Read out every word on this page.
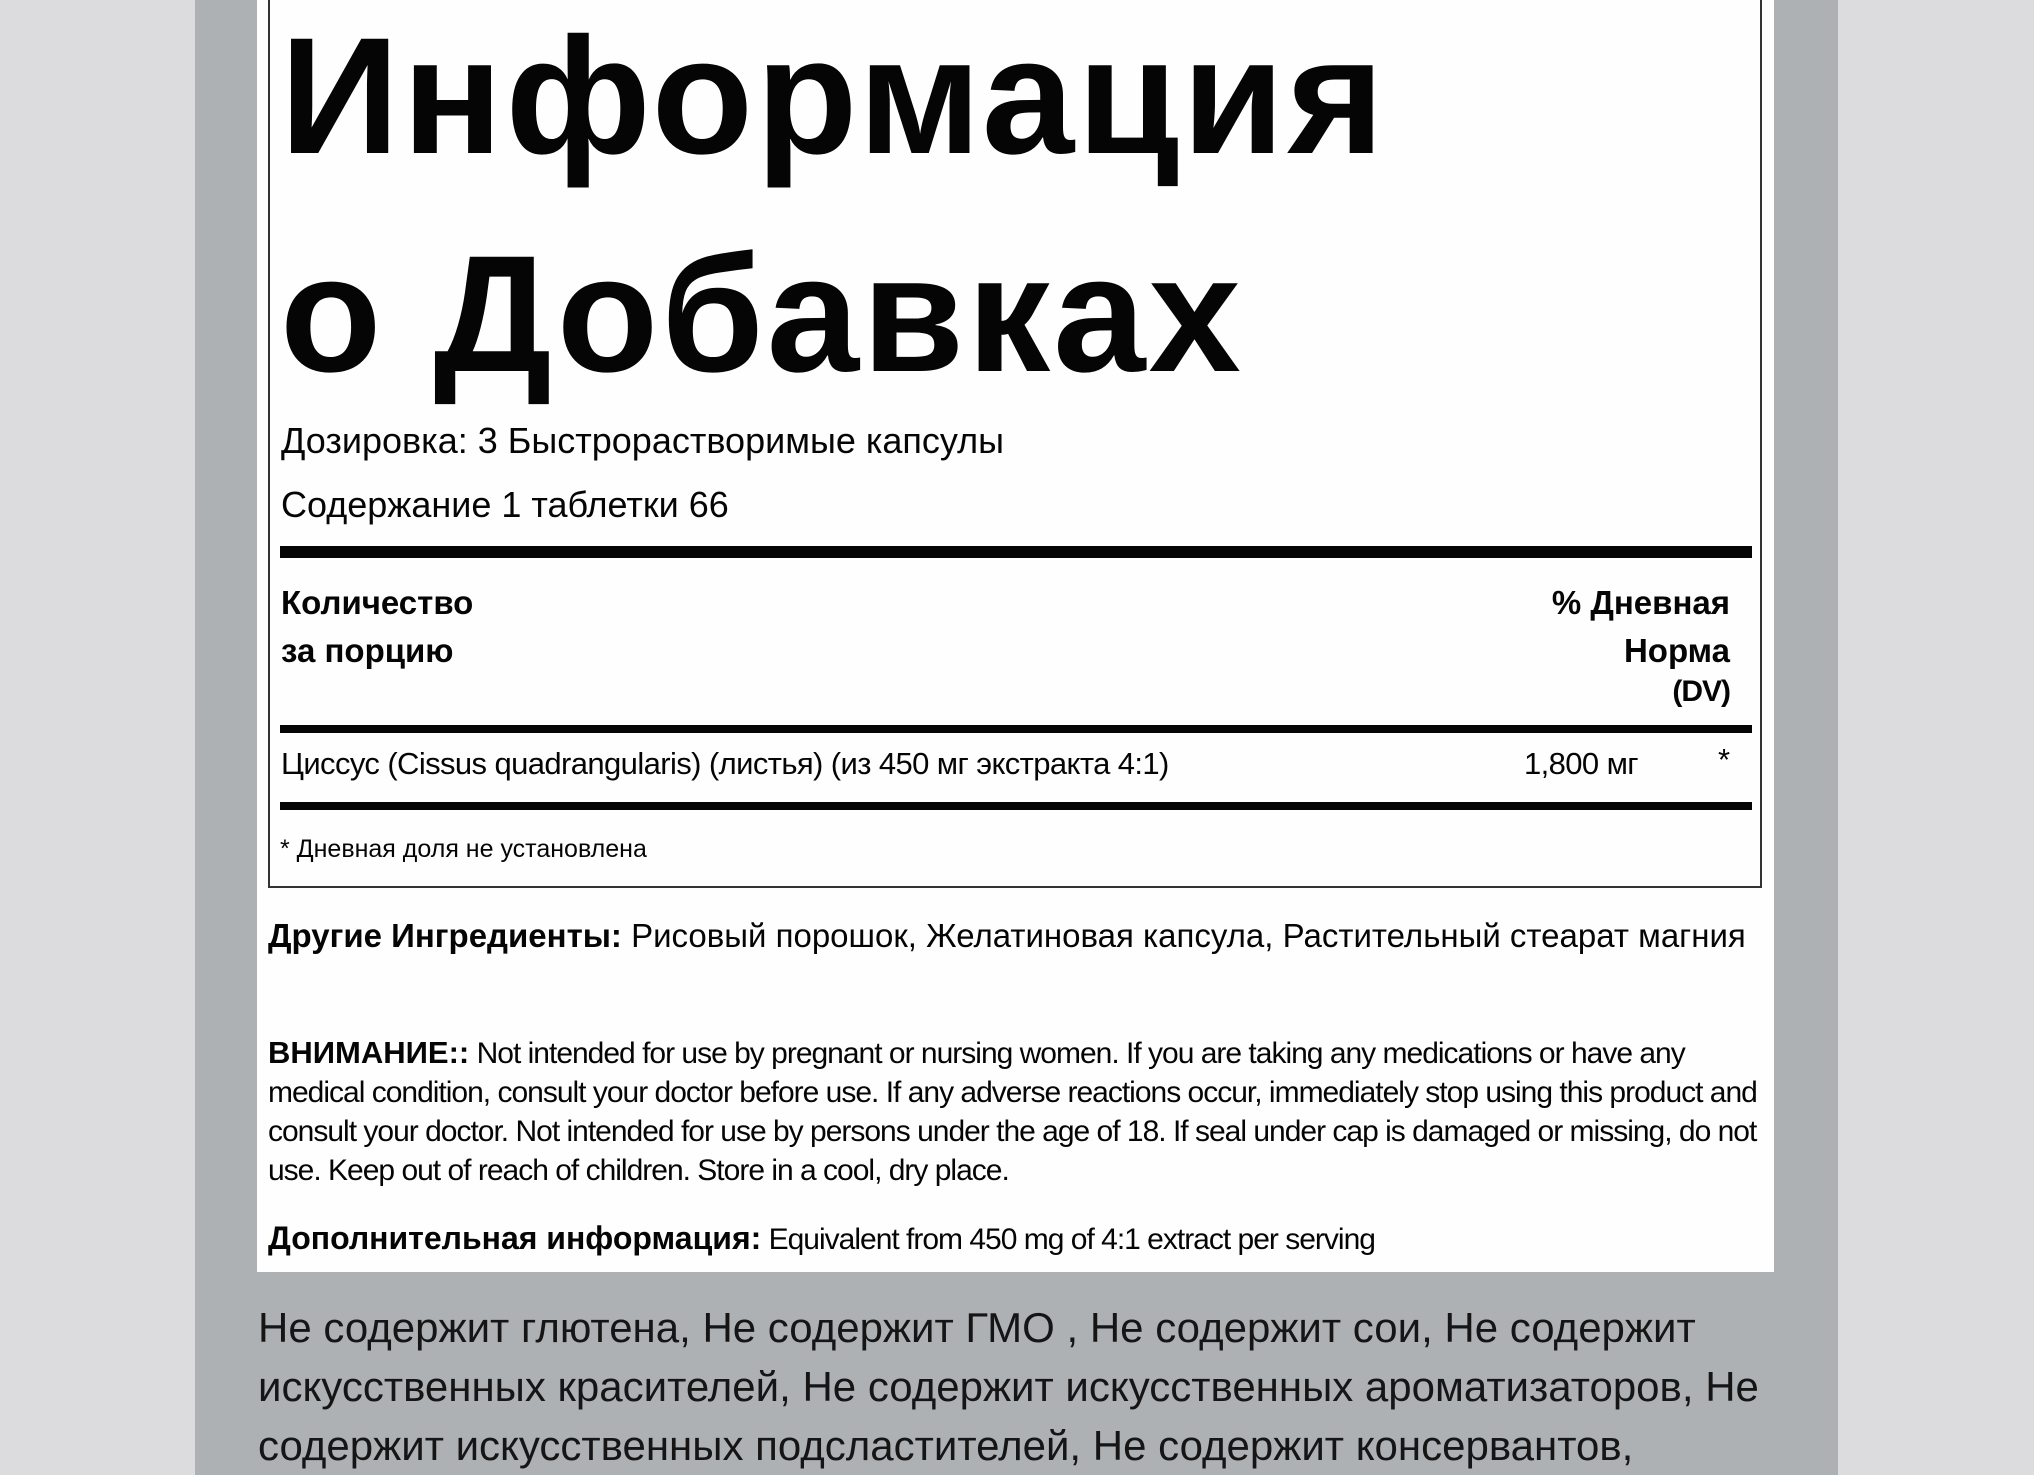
Информация о Добавках
Дозировка: 3 Быстрорастворимые капсулы
Содержание 1 таблетки 66
Количество за порцию
% Дневная
Норма
(DV)
Циссус (Cissus quadrangularis) (листья) (из 450 мг экстракта 4:1)	1,800 мг	*
* Дневная доля не установлена
Другие Ингредиенты: Рисовый порошок, Желатиновая капсула, Растительный стеарат магния
ВНИМАНИЕ:: Not intended for use by pregnant or nursing women. If you are taking any medications or have any medical condition, consult your doctor before use. If any adverse reactions occur, immediately stop using this product and consult your doctor. Not intended for use by persons under the age of 18. If seal under cap is damaged or missing, do not use. Keep out of reach of children. Store in a cool, dry place.
Дополнительная информация: Equivalent from 450 mg of 4:1 extract per serving
Не содержит глютена, Не содержит ГМО , Не содержит сои, Не содержит искусственных красителей, Не содержит искусственных ароматизаторов, Не содержит искусственных подсластителей, Не содержит консервантов,
